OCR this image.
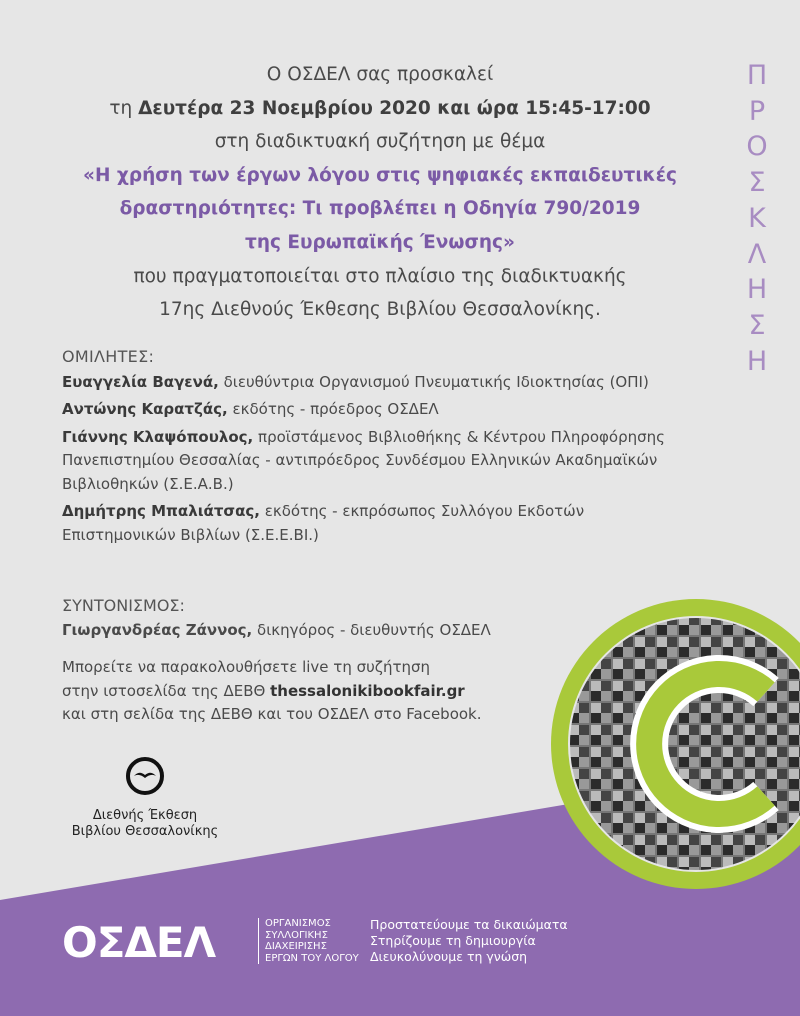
Ο ΟΣΔΕΛ σας προσκαλεί
τη Δευτέρα 23 Νοεμβρίου 2020 και ώρα 15:45-17:00
στη διαδικτυακή συζήτηση με θέμα
«Η χρήση των έργων λόγου στις ψηφιακές εκπαιδευτικές
δραστηριότητες: Τι προβλέπει η Οδηγία 790/2019
της Ευρωπαϊκής Ένωσης»
που πραγματοποιείται στο πλαίσιο της διαδικτυακής
17ης Διεθνούς Έκθεσης Βιβλίου Θεσσαλονίκης.
Π
Ρ
Ο
Σ
Κ
Λ
Η
Σ
Η
ΟΜΙΛΗΤΕΣ:
Ευαγγελία Βαγενά, διευθύντρια Οργανισμού Πνευματικής Ιδιοκτησίας (ΟΠΙ)
Αντώνης Καρατζάς, εκδότης - πρόεδρος ΟΣΔΕΛ
Γιάννης Κλαψόπουλος, προϊστάμενος Βιβλιοθήκης & Κέντρου Πληροφόρησης
Πανεπιστημίου Θεσσαλίας - αντιπρόεδρος Συνδέσμου Ελληνικών Ακαδημαϊκών
Βιβλιοθηκών (Σ.Ε.Α.Β.)
Δημήτρης Μπαλιάτσας, εκδότης - εκπρόσωπος Συλλόγου Εκδοτών
Επιστημονικών Βιβλίων (Σ.Ε.Ε.ΒΙ.)
ΣΥΝΤΟΝΙΣΜΟΣ:
Γιωργανδρέας Ζάννος, δικηγόρος - διευθυντής ΟΣΔΕΛ
Μπορείτε να παρακολουθήσετε live τη συζήτηση
στην ιστοσελίδα της ΔΕΒΘ thessalonikibookfair.gr
και στη σελίδα της ΔΕΒΘ και του ΟΣΔΕΛ στο Facebook.
Διεθνής Έκθεση
Βιβλίου Θεσσαλονίκης
ΟΣΔΕΛ	ΟΡΓΑΝΙΣΜΟΣ
ΣΥΛΛΟΓΙΚΗΣ
ΔΙΑΧΕΙΡΙΣΗΣ
ΕΡΓΩΝ ΤΟΥ ΛΟΓΟΥ
Προστατεύουμε τα δικαιώματα
Στηρίζουμε τη δημιουργία
Διευκολύνουμε τη γνώση
